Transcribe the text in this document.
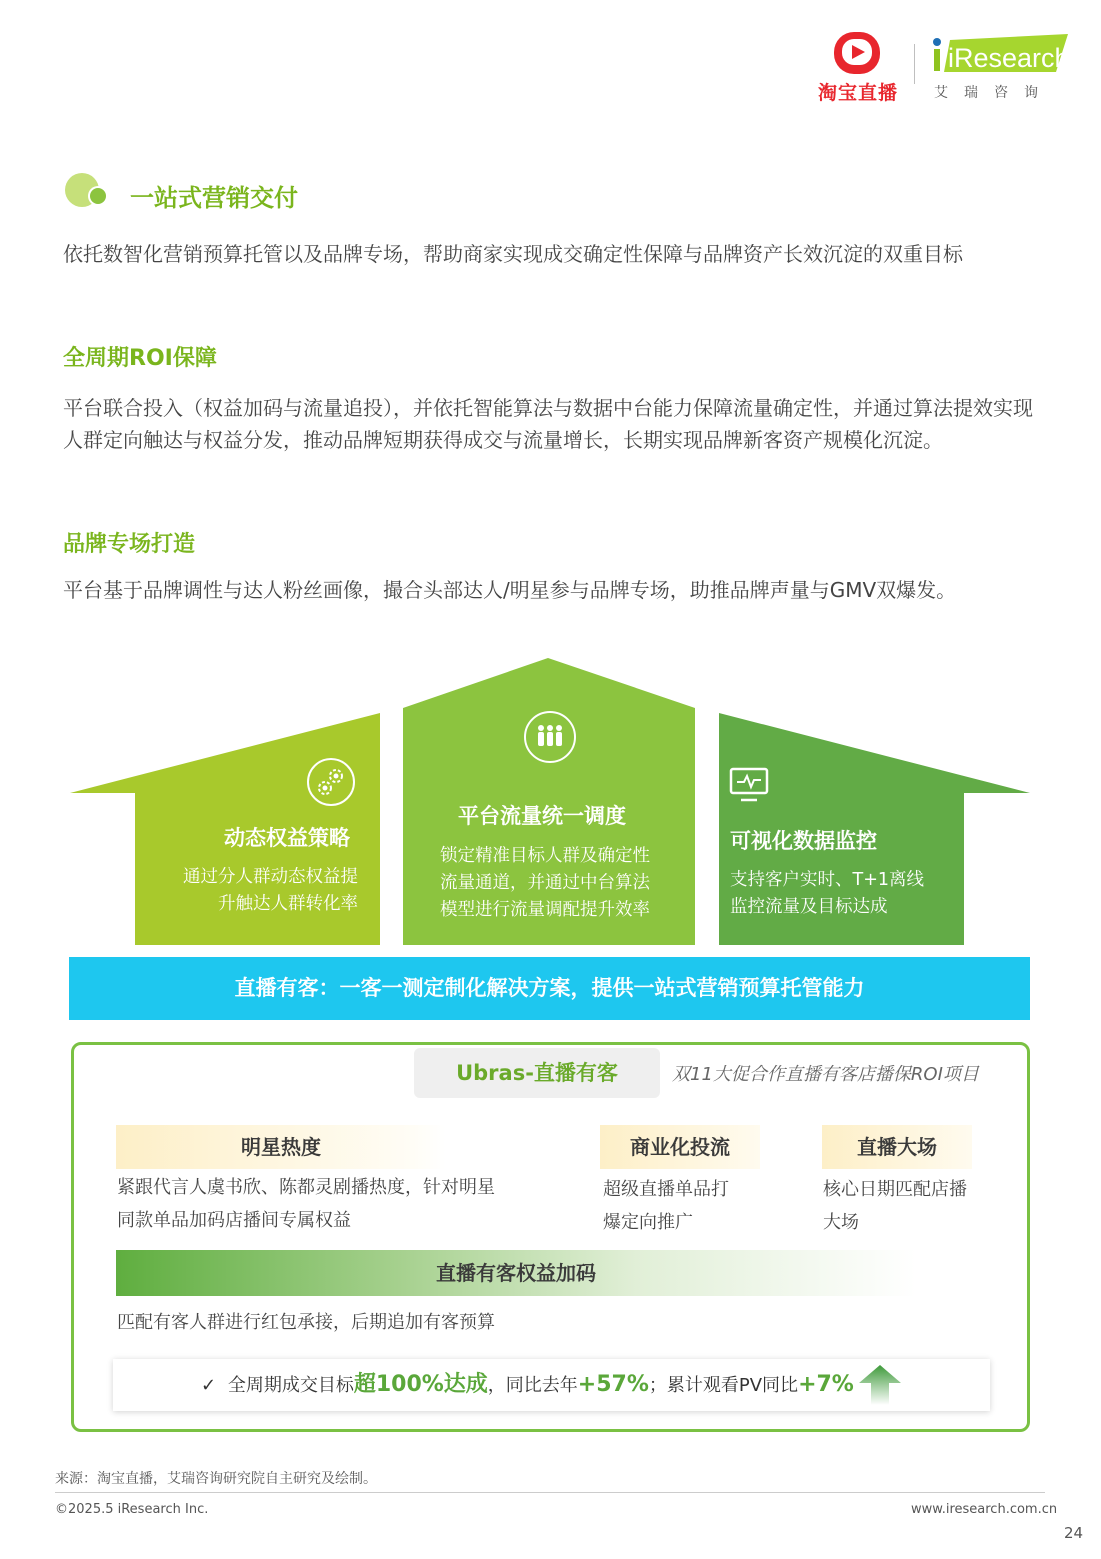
淘宝直播
iResearch
艾瑞咨询
一站式营销交付
依托数智化营销预算托管以及品牌专场，帮助商家实现成交确定性保障与品牌资产长效沉淀的双重目标
全周期ROI保障
平台联合投入（权益加码与流量追投），并依托智能算法与数据中台能力保障流量确定性，并通过算法提效实现人群定向触达与权益分发，推动品牌短期获得成交与流量增长，长期实现品牌新客资产规模化沉淀。
品牌专场打造
平台基于品牌调性与达人粉丝画像，撮合头部达人/明星参与品牌专场，助推品牌声量与GMV双爆发。
动态权益策略
通过分人群动态权益提
升触达人群转化率
平台流量统一调度
锁定精准目标人群及确定性
流量通道，并通过中台算法
模型进行流量调配提升效率
可视化数据监控
支持客户实时、T+1离线
监控流量及目标达成
直播有客：一客一测定制化解决方案，提供一站式营销预算托管能力
Ubras-直播有客	双11大促合作直播有客店播保ROI项目
明星热度	商业化投流	直播大场
紧跟代言人虞书欣、陈都灵剧播热度，针对明星
同款单品加码店播间专属权益
超级直播单品打
爆定向推广
核心日期匹配店播
大场
直播有客权益加码
匹配有客人群进行红包承接，后期追加有客预算
✓ 全周期成交目标超100%达成，同比去年+57%；累计观看PV同比+7%
来源：淘宝直播，艾瑞咨询研究院自主研究及绘制。
©2025.5 iResearch Inc.	www.iresearch.com.cn
24
